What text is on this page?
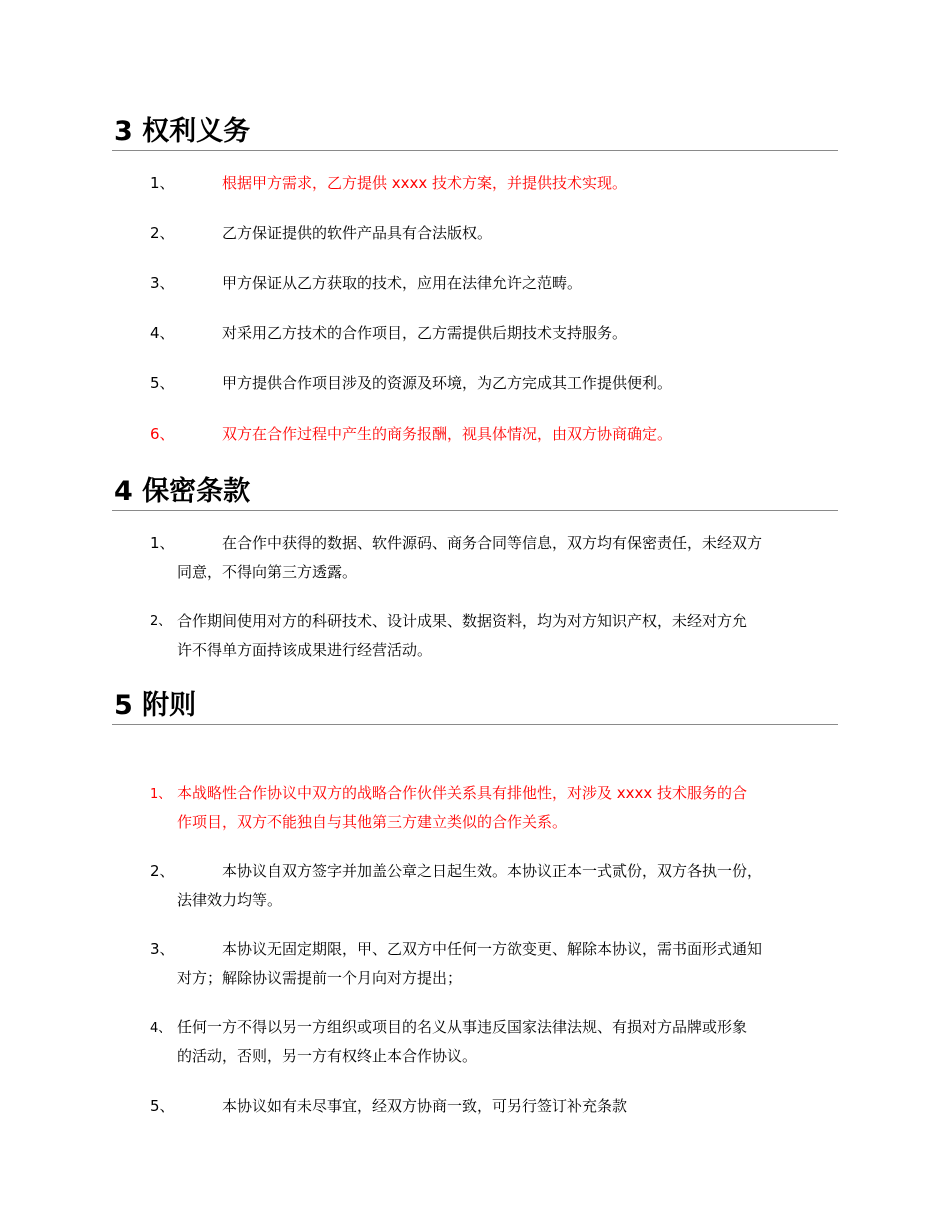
3 权利义务
1、	根据甲方需求，乙方提供 xxxx 技术方案，并提供技术实现。
2、	乙方保证提供的软件产品具有合法版权。
3、	甲方保证从乙方获取的技术，应用在法律允许之范畴。
4、	对采用乙方技术的合作项目，乙方需提供后期技术支持服务。
5、	甲方提供合作项目涉及的资源及环境，为乙方完成其工作提供便利。
6、	双方在合作过程中产生的商务报酬，视具体情况，由双方协商确定。
4 保密条款
1、	在合作中获得的数据、软件源码、商务合同等信息，双方均有保密责任，未经双方
同意，不得向第三方透露。
2、 合作期间使用对方的科研技术、设计成果、数据资料，均为对方知识产权，未经对方允
许不得单方面持该成果进行经营活动。
5 附则
1、 本战略性合作协议中双方的战略合作伙伴关系具有排他性，对涉及 xxxx 技术服务的合
作项目，双方不能独自与其他第三方建立类似的合作关系。
2、	本协议自双方签字并加盖公章之日起生效。本协议正本一式贰份，双方各执一份，
法律效力均等。
3、	本协议无固定期限，甲、乙双方中任何一方欲变更、解除本协议，需书面形式通知
对方；解除协议需提前一个月向对方提出；
4、 任何一方不得以另一方组织或项目的名义从事违反国家法律法规、有损对方品牌或形象
的活动，否则，另一方有权终止本合作协议。
5、	本协议如有未尽事宜，经双方协商一致，可另行签订补充条款
